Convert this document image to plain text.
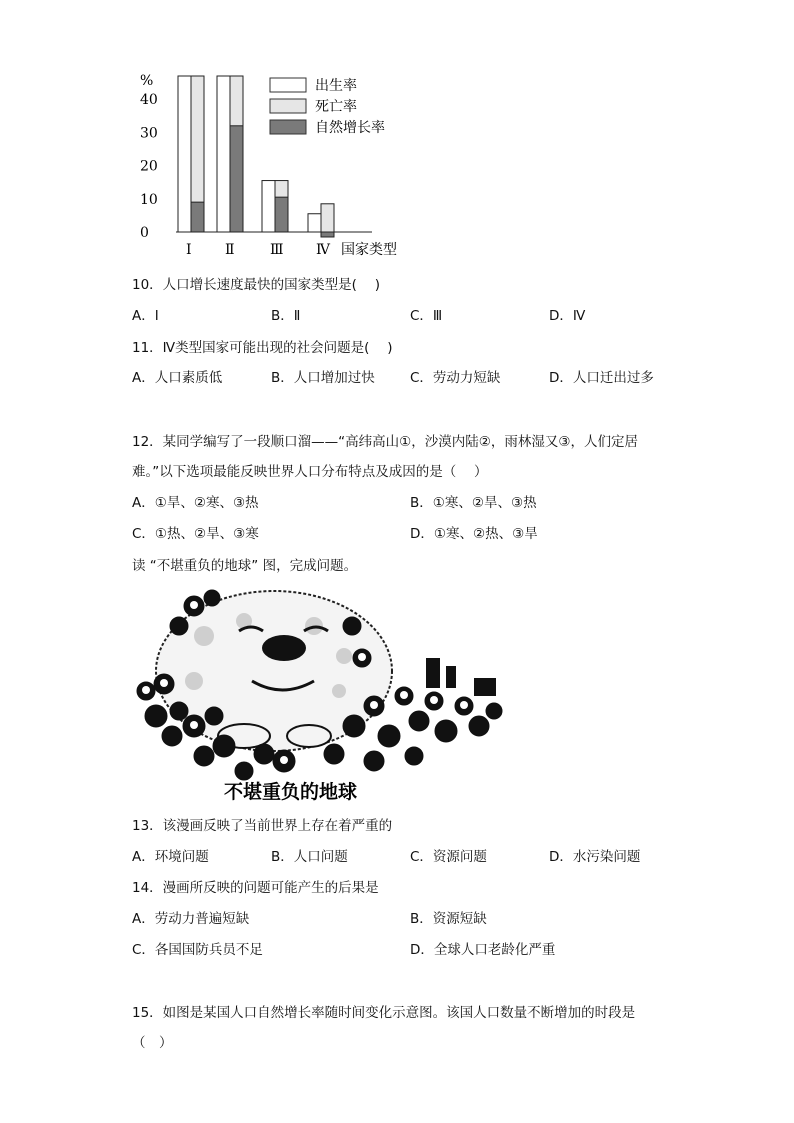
%
40
30
20
10
0
Ⅰ Ⅱ	Ⅲ Ⅳ 国家类型
出生率
死亡率
自然增长率
10．人口增长速度最快的国家类型是(　 )
A．Ⅰ	B．Ⅱ	C．Ⅲ	D．Ⅳ
11．Ⅳ类型国家可能出现的社会问题是(　 )
A．人口素质低	B．人口增加过快	C．劳动力短缺	D．人口迁出过多
12．某同学编写了一段顺口溜——“高纬高山①，沙漠内陆②，雨林湿又③，人们定居
难。”以下选项最能反映世界人口分布特点及成因的是（　 ）
A．①旱、②寒、③热	B．①寒、②旱、③热
C．①热、②旱、③寒	D．①寒、②热、③旱
读 “不堪重负的地球” 图，完成问题。
不堪重负的地球
13．该漫画反映了当前世界上存在着严重的
A．环境问题	B．人口问题	C．资源问题	D．水污染问题
14．漫画所反映的问题可能产生的后果是
A．劳动力普遍短缺	B．资源短缺
C．各国国防兵员不足	D．全球人口老龄化严重
15．如图是某国人口自然增长率随时间变化示意图。该国人口数量不断增加的时段是
（　）
